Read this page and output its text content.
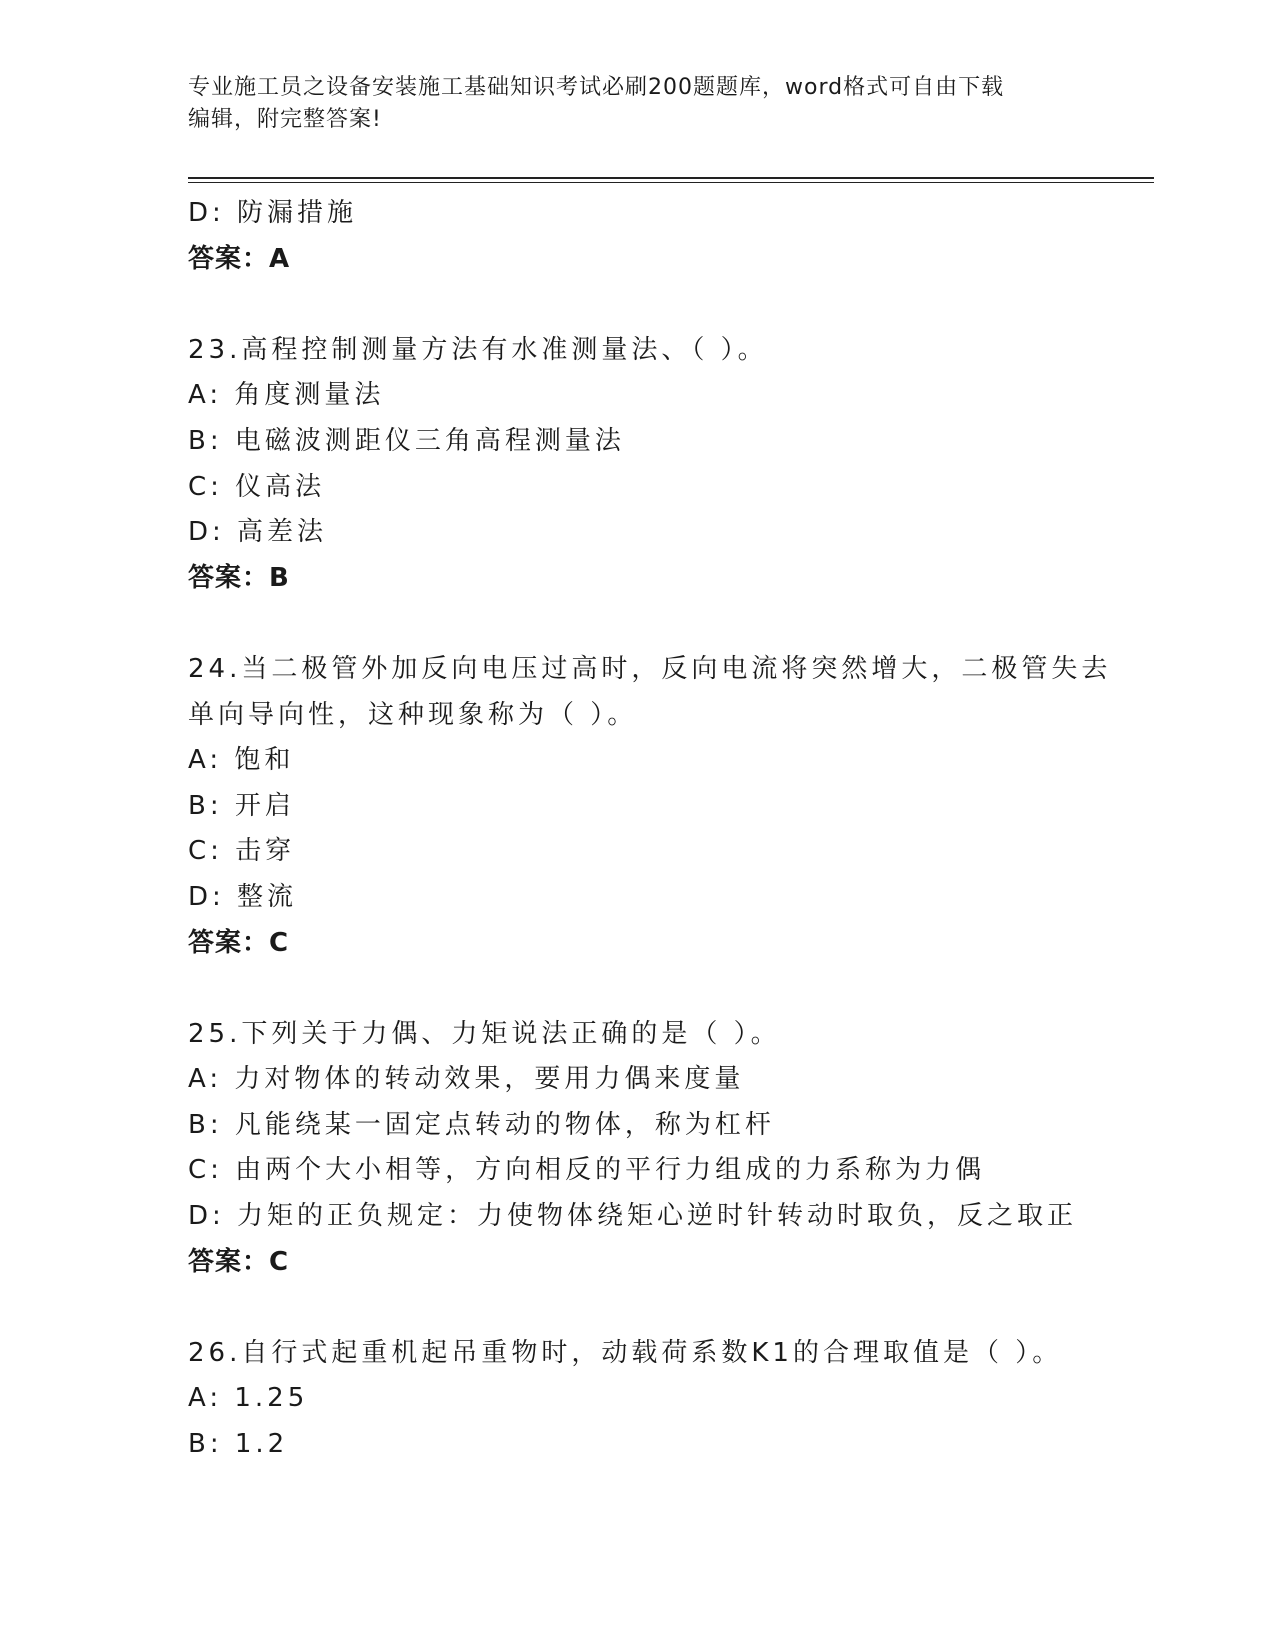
专业施工员之设备安装施工基础知识考试必刷200题题库，word格式可自由下载
编辑，附完整答案!
D: 防漏措施
答案：A
23.高程控制测量方法有水准测量法、（ ）。
A: 角度测量法
B: 电磁波测距仪三角高程测量法
C: 仪高法
D: 高差法
答案：B
24.当二极管外加反向电压过高时，反向电流将突然增大，二极管失去
单向导向性，这种现象称为（ ）。
A: 饱和
B: 开启
C: 击穿
D: 整流
答案：C
25.下列关于力偶、力矩说法正确的是（ ）。
A: 力对物体的转动效果，要用力偶来度量
B: 凡能绕某一固定点转动的物体，称为杠杆
C: 由两个大小相等，方向相反的平行力组成的力系称为力偶
D: 力矩的正负规定：力使物体绕矩心逆时针转动时取负，反之取正
答案：C
26.自行式起重机起吊重物时，动载荷系数K1的合理取值是（ ）。
A: 1.25
B: 1.2
